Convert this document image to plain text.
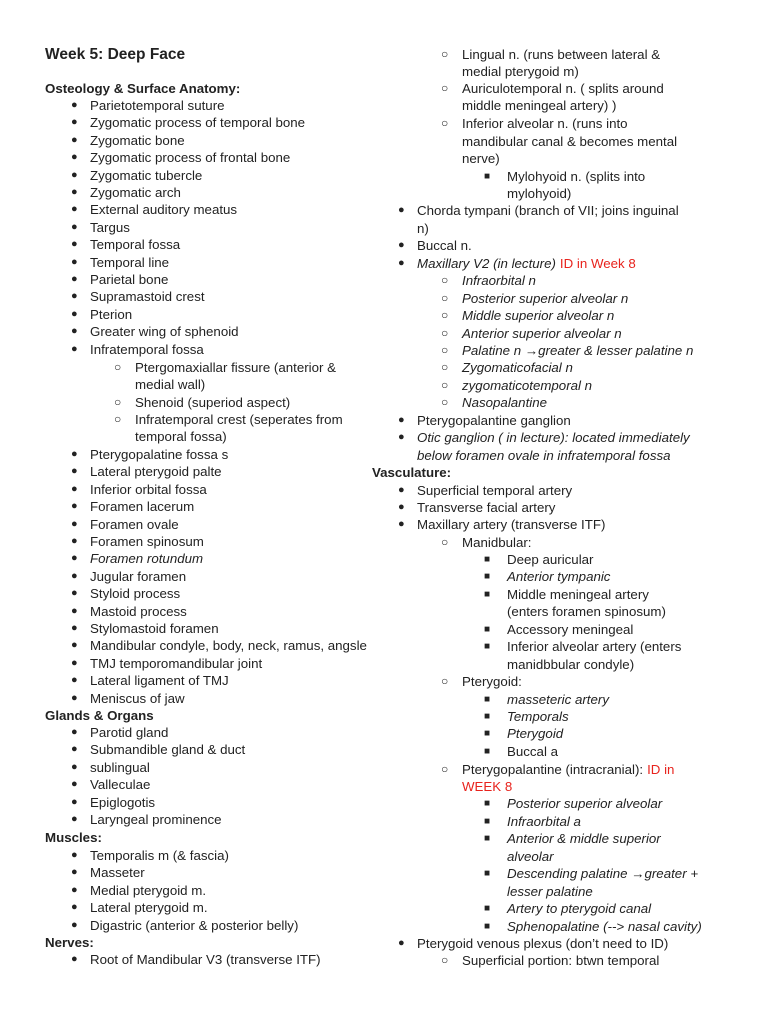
Week 5: Deep Face
Osteology & Surface Anatomy:
● Parietotemporal suture
● Zygomatic process of temporal bone
● Zygomatic bone
● Zygomatic process of frontal bone
● Zygomatic tubercle
● Zygomatic arch
● External auditory meatus
● Targus
● Temporal fossa
● Temporal line
● Parietal bone
● Supramastoid crest
● Pterion
● Greater wing of sphenoid
● Infratemporal fossa
○ Ptergomaxiallar fissure (anterior &
medial wall)
○ Shenoid (superiod aspect)
○ Infratemporal crest (seperates from
temporal fossa)
● Pterygopalatine fossa s
● Lateral pterygoid palte
● Inferior orbital fossa
● Foramen lacerum
● Foramen ovale
● Foramen spinosum
● Foramen rotundum
● Jugular foramen
● Styloid process
● Mastoid process
● Stylomastoid foramen
● Mandibular condyle, body, neck, ramus, angsle
● TMJ temporomandibular joint
● Lateral ligament of TMJ
● Meniscus of jaw
Glands & Organs
● Parotid gland
● Submandible gland & duct
● sublingual
● Valleculae
● Epiglogotis
● Laryngeal prominence
Muscles:
● Temporalis m (& fascia)
● Masseter
● Medial pterygoid m.
● Lateral pterygoid m.
● Digastric (anterior & posterior belly)
Nerves:
● Root of Mandibular V3 (transverse ITF)
○ Lingual n. (runs between lateral &
medial pterygoid m)
○ Auriculotemporal n. ( splits around
middle meningeal artery) )
○ Inferior alveolar n. (runs into
mandibular canal & becomes mental
nerve)
■ Mylohyoid n. (splits into
mylohyoid)
● Chorda tympani (branch of VII; joins inguinal
n)
● Buccal n.
● Maxillary V2 (in lecture) ID in Week 8
○ Infraorbital n
○ Posterior superior alveolar n
○ Middle superior alveolar n
○ Anterior superior alveolar n
○ Palatine n →greater & lesser palatine n
○ Zygomaticofacial n
○ zygomaticotemporal n
○ Nasopalantine
● Pterygopalantine ganglion
● Otic ganglion ( in lecture): located immediately
below foramen ovale in infratemporal fossa
Vasculature:
● Superficial temporal artery
● Transverse facial artery
● Maxillary artery (transverse ITF)
○ Manidbular:
■ Deep auricular
■ Anterior tympanic
■ Middle meningeal artery
(enters foramen spinosum)
■ Accessory meningeal
■ Inferior alveolar artery (enters
manidbbular condyle)
○ Pterygoid:
■ masseteric artery
■ Temporals
■ Pterygoid
■ Buccal a
○ Pterygopalantine (intracranial): ID in
WEEK 8
■ Posterior superior alveolar
■ Infraorbital a
■ Anterior & middle superior
alveolar
■ Descending palatine →greater +
lesser palatine
■ Artery to pterygoid canal
■ Sphenopalatine (--> nasal cavity)
● Pterygoid venous plexus (don’t need to ID)
○ Superficial portion: btwn temporal
